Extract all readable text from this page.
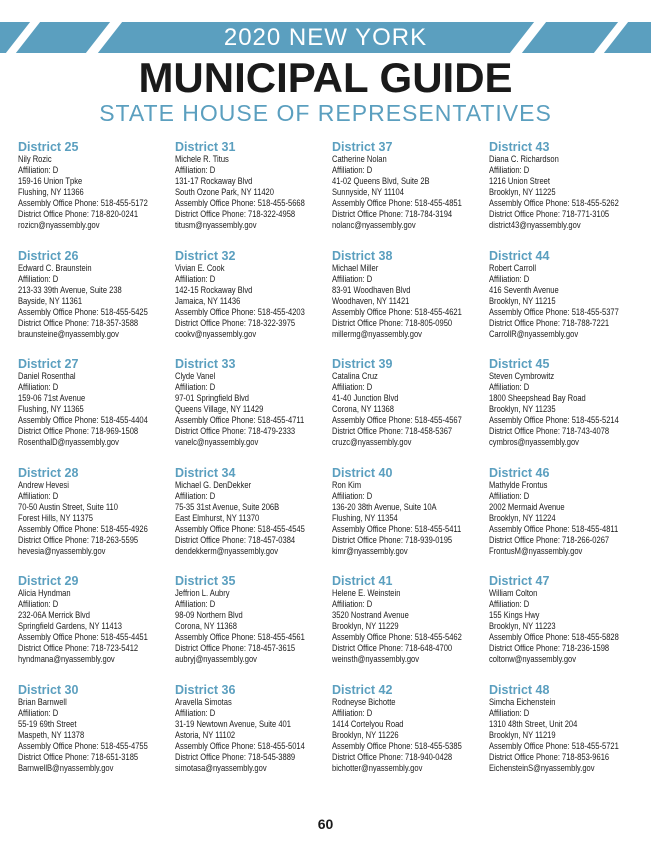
2020 NEW YORK
MUNICIPAL GUIDE
STATE HOUSE OF REPRESENTATIVES
District 25
Nily Rozic
Affiliation: D
159-16 Union Tpke
Flushing, NY 11366
Assembly Office Phone: 518-455-5172
District Office Phone: 718-820-0241
rozicn@nyassembly.gov
District 31
Michele R. Titus
Affiliation: D
131-17 Rockaway Blvd
South Ozone Park, NY 11420
Assembly Office Phone: 518-455-5668
District Office Phone: 718-322-4958
titusm@nyassembly.gov
District 37
Catherine Nolan
Affiliation: D
41-02 Queens Blvd, Suite 2B
Sunnyside, NY 11104
Assembly Office Phone: 518-455-4851
District Office Phone: 718-784-3194
nolanc@nyassembly.gov
District 43
Diana C. Richardson
Affiliation: D
1216 Union Street
Brooklyn, NY 11225
Assembly Office Phone: 518-455-5262
District Office Phone: 718-771-3105
district43@nyassembly.gov
District 26
Edward C. Braunstein
Affiliation: D
213-33 39th Avenue, Suite 238
Bayside, NY 11361
Assembly Office Phone: 518-455-5425
District Office Phone: 718-357-3588
braunsteine@nyassembly.gov
District 32
Vivian E. Cook
Affiliation: D
142-15 Rockaway Blvd
Jamaica, NY 11436
Assembly Office Phone: 518-455-4203
District Office Phone: 718-322-3975
cookv@nyassembly.gov
District 38
Michael Miller
Affiliation: D
83-91 Woodhaven Blvd
Woodhaven, NY 11421
Assembly Office Phone: 518-455-4621
District Office Phone: 718-805-0950
millermg@nyassembly.gov
District 44
Robert Carroll
Affiliation: D
416 Seventh Avenue
Brooklyn, NY 11215
Assembly Office Phone: 518-455-5377
District Office Phone: 718-788-7221
CarrollR@nyassembly.gov
District 27
Daniel Rosenthal
Affiliation: D
159-06 71st Avenue
Flushing, NY 11365
Assembly Office Phone: 518-455-4404
District Office Phone: 718-969-1508
RosenthalD@nyassembly.gov
District 33
Clyde Vanel
Affiliation: D
97-01 Springfield Blvd
Queens Village, NY 11429
Assembly Office Phone: 518-455-4711
District Office Phone: 718-479-2333
vanelc@nyassembly.gov
District 39
Catalina Cruz
Affiliation: D
41-40 Junction Blvd
Corona, NY 11368
Assembly Office Phone: 518-455-4567
District Office Phone: 718-458-5367
cruzc@nyassembly.gov
District 45
Steven Cymbrowitz
Affiliation: D
1800 Sheepshead Bay Road
Brooklyn, NY 11235
Assembly Office Phone: 518-455-5214
District Office Phone: 718-743-4078
cymbros@nyassembly.gov
District 28
Andrew Hevesi
Affiliation: D
70-50 Austin Street, Suite 110
Forest Hills, NY 11375
Assembly Office Phone: 518-455-4926
District Office Phone: 718-263-5595
hevesia@nyassembly.gov
District 34
Michael G. DenDekker
Affiliation: D
75-35 31st Avenue, Suite 206B
East Elmhurst, NY 11370
Assembly Office Phone: 518-455-4545
District Office Phone: 718-457-0384
dendekkerm@nyassembly.gov
District 40
Ron Kim
Affiliation: D
136-20 38th Avenue, Suite 10A
Flushing, NY 11354
Assembly Office Phone: 518-455-5411
District Office Phone: 718-939-0195
kimr@nyassembly.gov
District 46
Mathylde Frontus
Affiliation: D
2002 Mermaid Avenue
Brooklyn, NY 11224
Assembly Office Phone: 518-455-4811
District Office Phone: 718-266-0267
FrontusM@nyassembly.gov
District 29
Alicia Hyndman
Affiliation: D
232-06A Merrick Blvd
Springfield Gardens, NY 11413
Assembly Office Phone: 518-455-4451
District Office Phone: 718-723-5412
hyndmana@nyassembly.gov
District 35
Jeffrion L. Aubry
Affiliation: D
98-09 Northern Blvd
Corona, NY 11368
Assembly Office Phone: 518-455-4561
District Office Phone: 718-457-3615
aubryj@nyassembly.gov
District 41
Helene E. Weinstein
Affiliation: D
3520 Nostrand Avenue
Brooklyn, NY 11229
Assembly Office Phone: 518-455-5462
District Office Phone: 718-648-4700
weinsth@nyassembly.gov
District 47
William Colton
Affiliation: D
155 Kings Hwy
Brooklyn, NY 11223
Assembly Office Phone: 518-455-5828
District Office Phone: 718-236-1598
coltonw@nyassembly.gov
District 30
Brian Barnwell
Affiliation: D
55-19 69th Street
Maspeth, NY 11378
Assembly Office Phone: 518-455-4755
District Office Phone: 718-651-3185
BarnwellB@nyassembly.gov
District 36
Aravella Simotas
Affiliation: D
31-19 Newtown Avenue, Suite 401
Astoria, NY 11102
Assembly Office Phone: 518-455-5014
District Office Phone: 718-545-3889
simotasa@nyassembly.gov
District 42
Rodneyse Bichotte
Affiliation: D
1414 Cortelyou Road
Brooklyn, NY 11226
Assembly Office Phone: 518-455-5385
District Office Phone: 718-940-0428
bichotter@nyassembly.gov
District 48
Simcha Eichenstein
Affiliation: D
1310 48th Street, Unit 204
Brooklyn, NY 11219
Assembly Office Phone: 518-455-5721
District Office Phone: 718-853-9616
EichensteinS@nyassembly.gov
60
